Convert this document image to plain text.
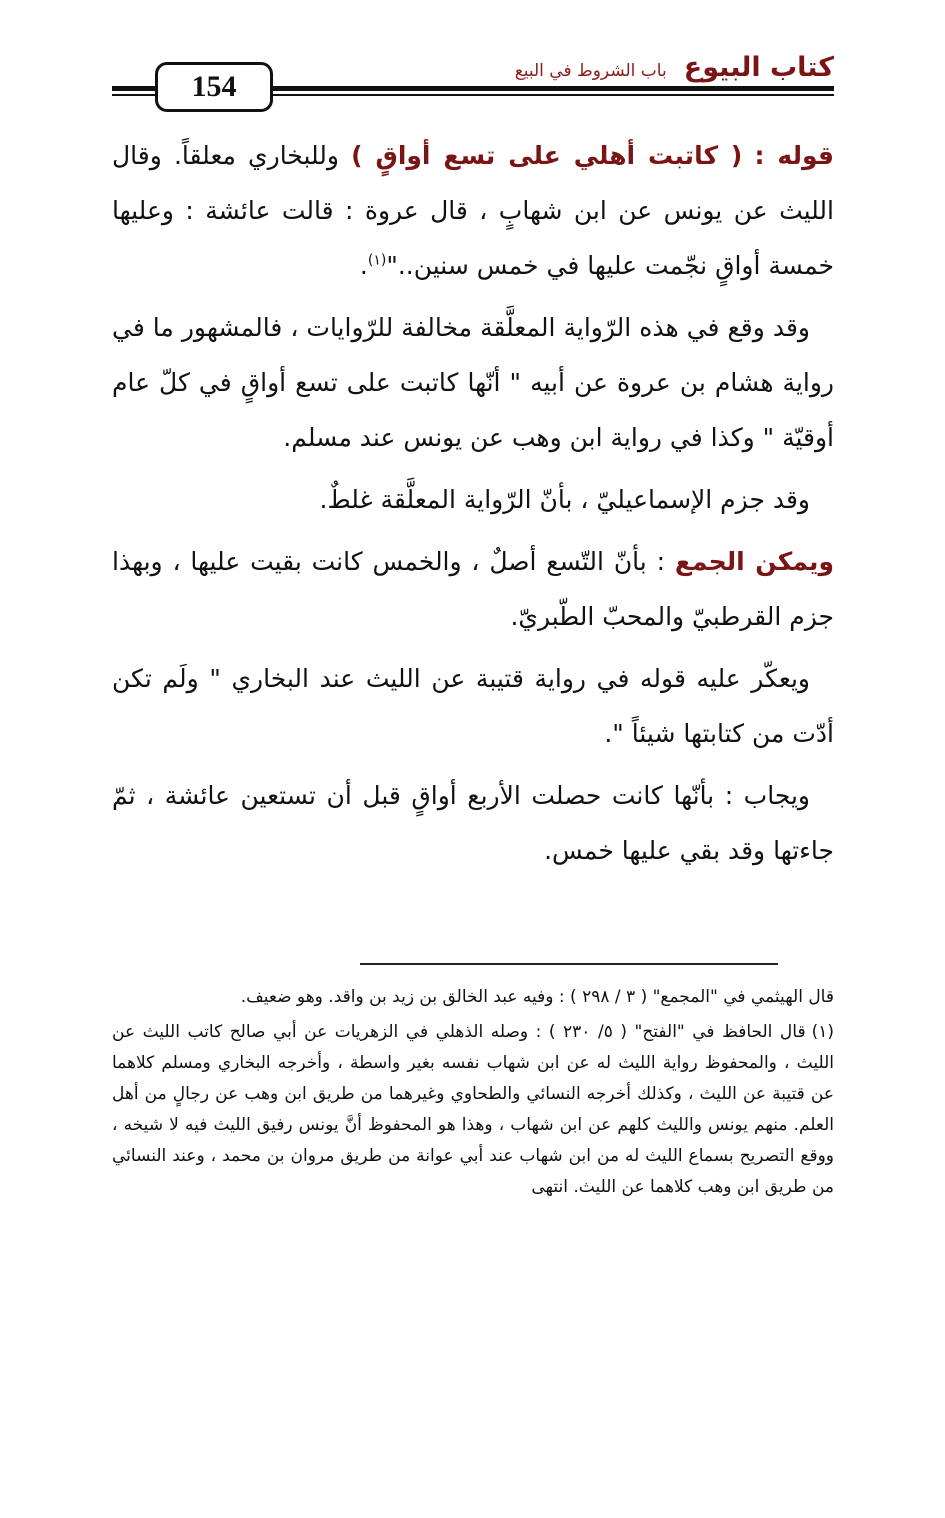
154
كتاب البيوع باب الشروط في البيع

قوله : ( كاتبت أهلي على تسع أواقٍ ) وللبخاري معلقاً. وقال الليث عن يونس عن ابن شهابٍ ، قال عروة : قالت عائشة : وعليها خمسة أواقٍ نجّمت عليها في خمس سنين.."$^{(١)}$.

وقد وقع في هذه الرّواية المعلَّقة مخالفة للرّوايات ، فالمشهور ما في رواية هشام بن عروة عن أبيه " أنّها كاتبت على تسع أواقٍ في كلّ عام أوقيّة " وكذا في رواية ابن وهب عن يونس عند مسلم.

وقد جزم الإسماعيليّ ، بأنّ الرّواية المعلَّقة غلطٌ.

ويمكن الجمع : بأنّ التّسع أصلٌ ، والخمس كانت بقيت عليها ، وبهذا جزم القرطبيّ والمحبّ الطّبريّ.

ويعكّر عليه قوله في رواية قتيبة عن الليث عند البخاري " ولَم تكن أدّت من كتابتها شيئاً ".

ويجاب : بأنّها كانت حصلت الأربع أواقٍ قبل أن تستعين عائشة ، ثمّ جاءتها وقد بقي عليها خمس.

قال الهيثمي في "المجمع" ( ٣ / ٢٩٨ ) : وفيه عبد الخالق بن زيد بن واقد. وهو ضعيف.

(١)قال الحافظ في "الفتح" ( ٥/ ٢٣٠ ) : وصله الذهلي في الزهريات عن أبي صالح كاتب الليث عن الليث ، والمحفوظ رواية الليث له عن ابن شهاب نفسه بغير واسطة ، وأخرجه البخاري ومسلم كلاهما عن قتيبة عن الليث ، وكذلك أخرجه النسائي والطحاوي وغيرهما من طريق ابن وهب عن رجالٍ من أهل العلم. منهم يونس والليث كلهم عن ابن شهاب ، وهذا هو المحفوظ أنَّ يونس رفيق الليث فيه لا شيخه ، ووقع التصريح بسماع الليث له من ابن شهاب عند أبي عوانة من طريق مروان بن محمد ، وعند النسائي من طريق ابن وهب كلاهما عن الليث. انتهى
